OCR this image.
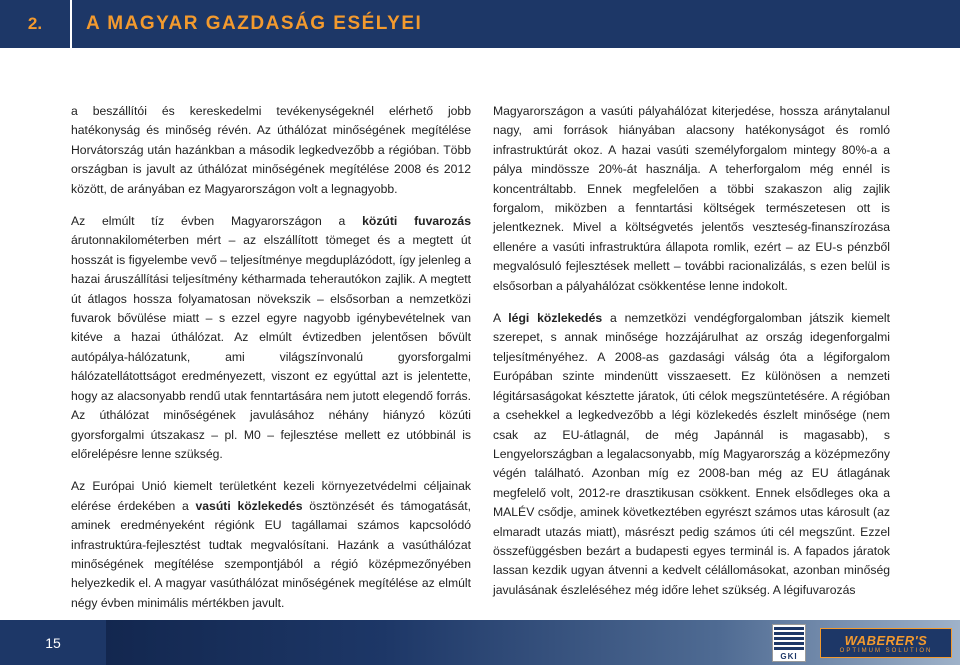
2. A MAGYAR GAZDASÁG ESÉLYEI

a beszállítói és kereskedelmi tevékenységeknél elérhető jobb hatékonyság és minőség révén. Az úthálózat minőségének megítélése Horvátország után hazánkban a második legkedvezőbb a régióban. Több országban is javult az úthálózat minőségének megítélése 2008 és 2012 között, de arányában ez Magyarországon volt a legnagyobb.

Az elmúlt tíz évben Magyarországon a közúti fuvarozás árutonnakilométerben mért – az elszállított tömeget és a megtett út hosszát is figyelembe vevő – teljesítménye megduplázódott, így jelenleg a hazai áruszállítási teljesítmény kétharmada teherautókon zajlik. A megtett út átlagos hossza folyamatosan növekszik – elsősorban a nemzetközi fuvarok bővülése miatt – s ezzel egyre nagyobb igénybevételnek van kitéve a hazai úthálózat. Az elmúlt évtizedben jelentősen bővült autópálya-hálózatunk, ami világszínvonalú gyorsforgalmi hálózatellátottságot eredményezett, viszont ez egyúttal azt is jelentette, hogy az alacsonyabb rendű utak fenntartására nem jutott elegendő forrás. Az úthálózat minőségének javulásához néhány hiányzó közúti gyorsforgalmi útszakasz – pl. M0 – fejlesztése mellett ez utóbbinál is előrelépésre lenne szükség.

Az Európai Unió kiemelt területként kezeli környezetvédelmi céljainak elérése érdekében a vasúti közlekedés ösztönzését és támogatását, aminek eredményeként régiónk EU tagállamai számos kapcsolódó infrastruktúra-fejlesztést tudtak megvalósítani. Hazánk a vasúthálózat minőségének megítélése szempontjából a régió középmezőnyében helyezkedik el. A magyar vasúthálózat minőségének megítélése az elmúlt négy évben minimális mértékben javult.

Magyarországon a vasúti pályahálózat kiterjedése, hossza aránytalanul nagy, ami források hiányában alacsony hatékonyságot és romló infrastruktúrát okoz. A hazai vasúti személyforgalom mintegy 80%-a a pálya mindössze 20%-át használja. A teherforgalom még ennél is koncentráltabb. Ennek megfelelően a többi szakaszon alig zajlik forgalom, miközben a fenntartási költségek természetesen ott is jelentkeznek. Mivel a költségvetés jelentős veszteség-finanszírozása ellenére a vasúti infrastruktúra állapota romlik, ezért – az EU-s pénzből megvalósuló fejlesztések mellett – további racionalizálás, s ezen belül is elsősorban a pályahálózat csökkentése lenne indokolt.

A légi közlekedés a nemzetközi vendégforgalomban játszik kiemelt szerepet, s annak minősége hozzájárulhat az ország idegenforgalmi teljesítményéhez. A 2008-as gazdasági válság óta a légiforgalom Európában szinte mindenütt visszaesett. Ez különösen a nemzeti légitársaságokat késztette járatok, úti célok megszüntetésére. A régióban a csehekkel a legkedvezőbb a légi közlekedés észlelt minősége (nem csak az EU-átlagnál, de még Japánnál is magasabb), s Lengyelországban a legalacsonyabb, míg Magyarország a középmezőny végén található. Azonban míg ez 2008-ban még az EU átlagának megfelelő volt, 2012-re drasztikusan csökkent. Ennek elsődleges oka a MALÉV csődje, aminek következtében egyrészt számos utas károsult (az elmaradt utazás miatt), másrészt pedig számos úti cél megszűnt. Ezzel összefüggésben bezárt a budapesti egyes terminál is. A fapados járatok lassan kezdik ugyan átvenni a kedvelt célállomásokat, azonban minőség javulásának észleléséhez még időre lehet szükség. A légifuvarozás

15
GKI
WABERER'S
OPTIMUM SOLUTION
